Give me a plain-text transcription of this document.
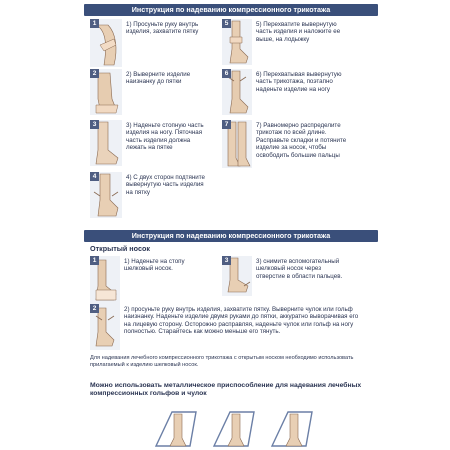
Инструкция по надеванию компрессионного трикотажа
1	1) Просуньте руку внутрь изделия, захватите пятку
2	2) Выверните изделие наизнанку до пятки
3	3) Наденьте стопную часть изделия на ногу. Пяточная часть изделия должна лежать на пятке
4	4) С двух сторон подтяните вывернутую часть изделия на пятку
5	5) Перехватите вывернутую часть изделия и наложите ее выше, на лодыжку
6	6) Перехватывая вывернутую часть трикотажа, поэтапно наденьте изделие на ногу
7	7) Равномерно распределите трикотаж по всей длине. Расправьте складки и потяните изделие за носок, чтобы освободить большие пальцы
Инструкция по надеванию компрессионного трикотажа
Открытый носок
1	1) Наденьте на стопу шелковый носок.
3	3) снимите вспомогательный шелковый носок через отверстие в области пальцев.
2	2) просуньте руку внутрь изделия, захватите пятку. Выверните чулок или гольф наизнанку. Наденьте изделие двумя руками до пятки, аккуратно выворачивая его на лицевую сторону. Осторожно расправляя, наденьте чулок или гольф на ногу полностью. Старайтесь как можно меньше его тянуть.
Для надевания лечебного компрессионного трикотажа с открытым носком необходимо использовать прилагаемый к изделию шелковый носок.
Можно использовать металлическое приспособление для надевания лечебных компрессионных гольфов и чулок
